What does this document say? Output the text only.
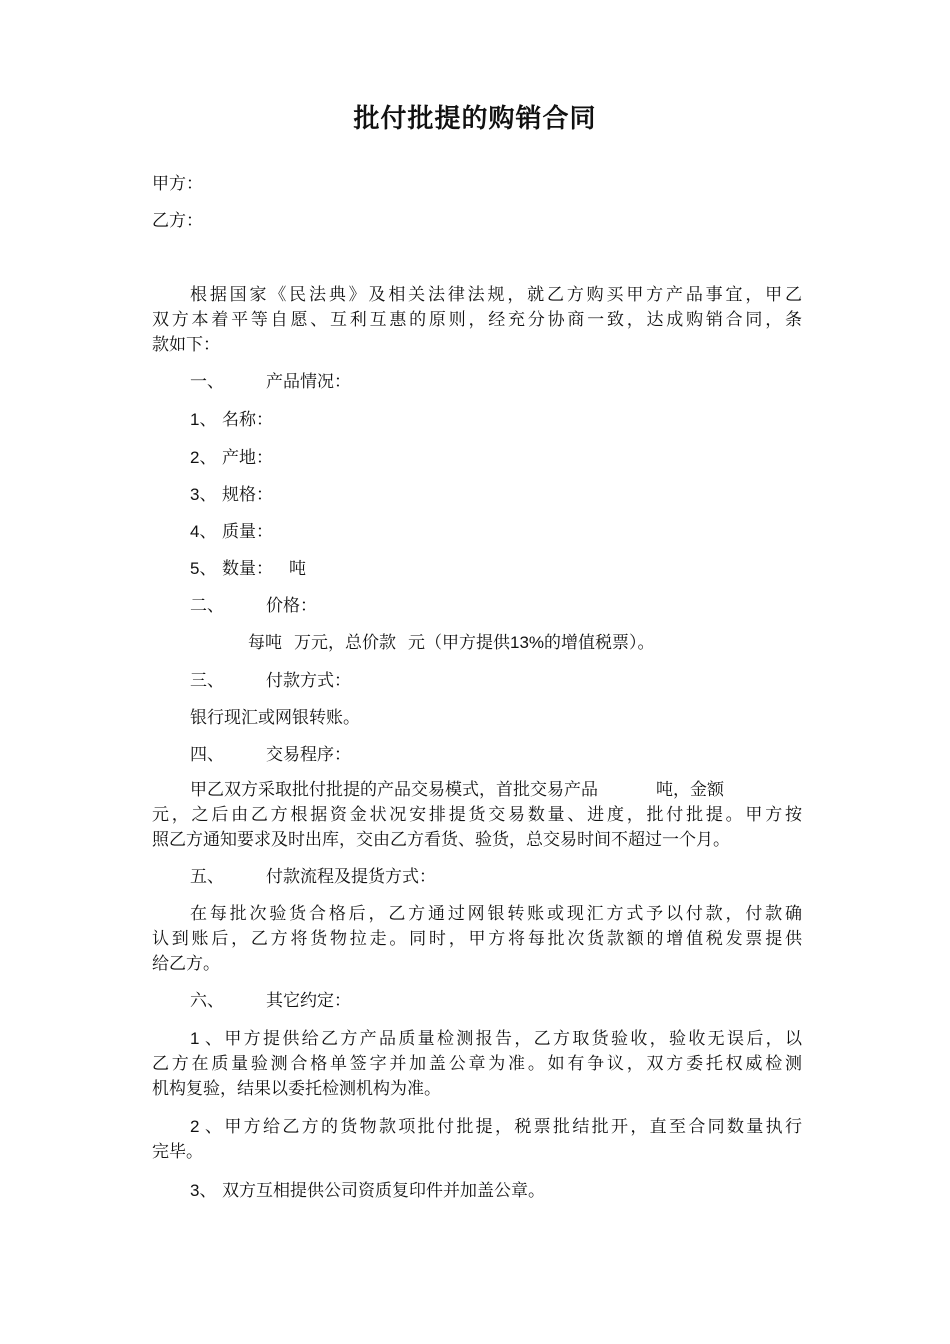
批付批提的购销合同
甲方：
乙方：
根据国家《民法典》及相关法律法规，就乙方购买甲方产品事宜，甲乙
双方本着平等自愿、互利互惠的原则，经充分协商一致，达成购销合同，条
款如下：
一、 产品情况：
1、 名称：
2、 产地：
3、 规格：
4、 质量：
5、 数量： 吨
二、 价格：
每吨 万元，总价款 元（甲方提供13%的增值税票）。
三、 付款方式：
银行现汇或网银转账。
四、 交易程序：
甲乙双方采取批付批提的产品交易模式，首批交易产品	吨，金额
元，之后由乙方根据资金状况安排提货交易数量、进度，批付批提。甲方按
照乙方通知要求及时出库，交由乙方看货、验货，总交易时间不超过一个月。
五、 付款流程及提货方式：
在每批次验货合格后，乙方通过网银转账或现汇方式予以付款，付款确
认到账后，乙方将货物拉走。同时，甲方将每批次货款额的增值税发票提供
给乙方。
六、 其它约定：
1、甲方提供给乙方产品质量检测报告，乙方取货验收，验收无误后，以
乙方在质量验测合格单签字并加盖公章为准。如有争议，双方委托权威检测
机构复验，结果以委托检测机构为准。
2、甲方给乙方的货物款项批付批提，税票批结批开，直至合同数量执行
完毕。
3、 双方互相提供公司资质复印件并加盖公章。
